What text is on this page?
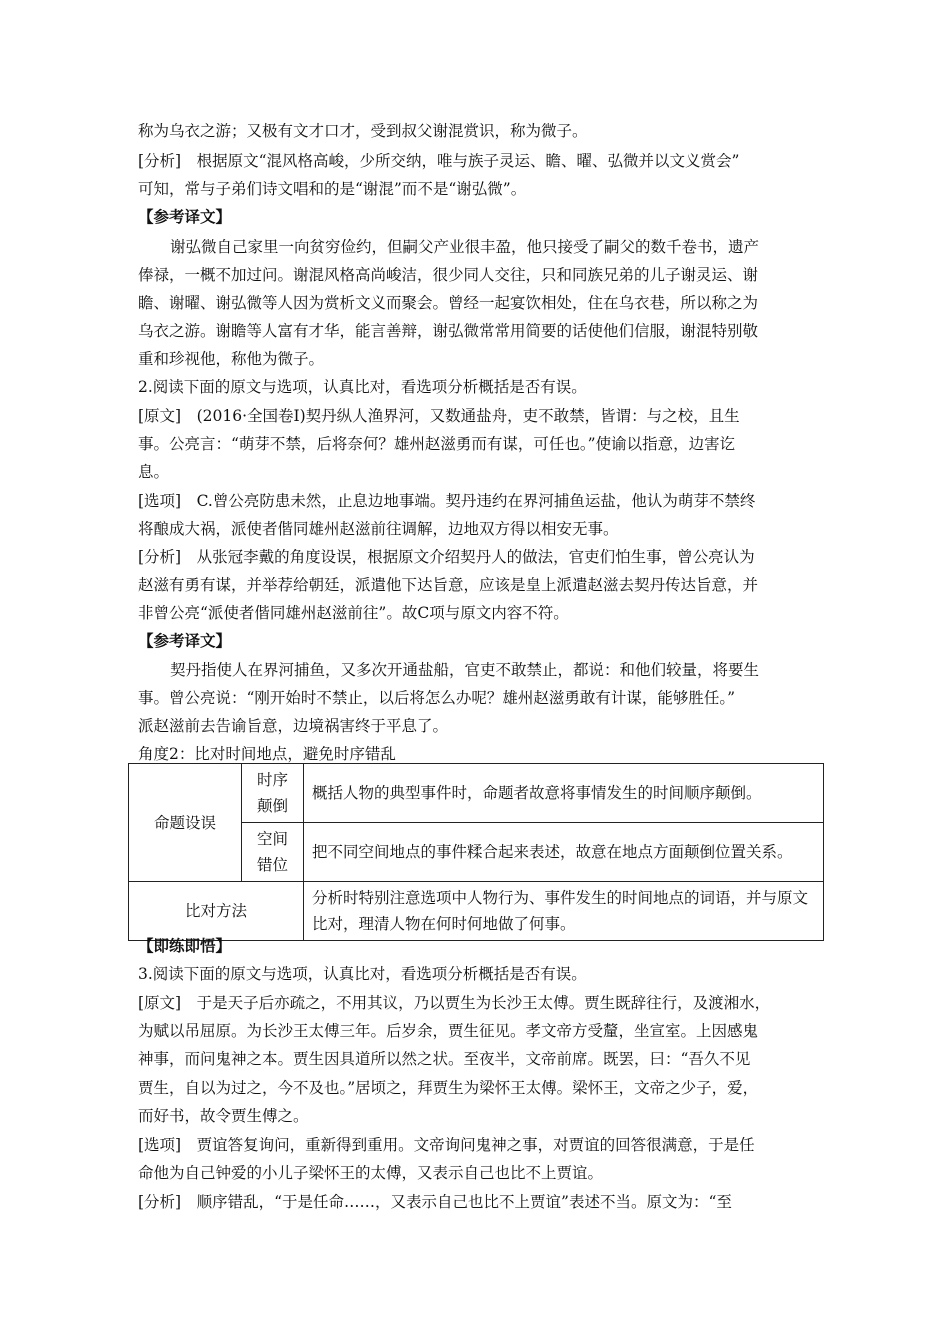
称为乌衣之游；又极有文才口才，受到叔父谢混赏识，称为微子。
[分析]　根据原文“混风格高峻，少所交纳，唯与族子灵运、瞻、曜、弘微并以文义赏会”
可知，常与子弟们诗文唱和的是“谢混”而不是“谢弘微”。
【参考译文】
谢弘微自己家里一向贫穷俭约，但嗣父产业很丰盈，他只接受了嗣父的数千卷书，遗产
俸禄，一概不加过问。谢混风格高尚峻洁，很少同人交往，只和同族兄弟的儿子谢灵运、谢
瞻、谢曜、谢弘微等人因为赏析文义而聚会。曾经一起宴饮相处，住在乌衣巷，所以称之为
乌衣之游。谢瞻等人富有才华，能言善辩，谢弘微常常用简要的话使他们信服，谢混特别敬
重和珍视他，称他为微子。
2.阅读下面的原文与选项，认真比对，看选项分析概括是否有误。
[原文]　(2016·全国卷Ⅰ)契丹纵人渔界河，又数通盐舟，吏不敢禁，皆谓：与之校，且生
事。公亮言：“萌芽不禁，后将奈何？雄州赵滋勇而有谋，可任也。”使谕以指意，边害讫
息。
[选项]　C.曾公亮防患未然，止息边地事端。契丹违约在界河捕鱼运盐，他认为萌芽不禁终
将酿成大祸，派使者偕同雄州赵滋前往调解，边地双方得以相安无事。
[分析]　从张冠李戴的角度设误，根据原文介绍契丹人的做法，官吏们怕生事，曾公亮认为
赵滋有勇有谋，并举荐给朝廷，派遣他下达旨意，应该是皇上派遣赵滋去契丹传达旨意，并
非曾公亮“派使者偕同雄州赵滋前往”。故C项与原文内容不符。
【参考译文】
契丹指使人在界河捕鱼，又多次开通盐船，官吏不敢禁止，都说：和他们较量，将要生
事。曾公亮说：“刚开始时不禁止，以后将怎么办呢？雄州赵滋勇敢有计谋，能够胜任。”
派赵滋前去告谕旨意，边境祸害终于平息了。
角度2：比对时间地点，避免时序错乱
命题设误	时序颠倒	概括人物的典型事件时，命题者故意将事情发生的时间顺序颠倒。
	空间错位	把不同空间地点的事件糅合起来表述，故意在地点方面颠倒位置关系。
比对方法		分析时特别注意选项中人物行为、事件发生的时间地点的词语，并与原文比对，理清人物在何时何地做了何事。
【即练即悟】
3.阅读下面的原文与选项，认真比对，看选项分析概括是否有误。
[原文]　于是天子后亦疏之，不用其议，乃以贾生为长沙王太傅。贾生既辞往行，及渡湘水，
为赋以吊屈原。为长沙王太傅三年。后岁余，贾生征见。孝文帝方受釐，坐宣室。上因感鬼
神事，而问鬼神之本。贾生因具道所以然之状。至夜半，文帝前席。既罢，曰：“吾久不见
贾生，自以为过之，今不及也。”居顷之，拜贾生为梁怀王太傅。梁怀王，文帝之少子，爱，
而好书，故令贾生傅之。
[选项]　贾谊答复询问，重新得到重用。文帝询问鬼神之事，对贾谊的回答很满意，于是任
命他为自己钟爱的小儿子梁怀王的太傅，又表示自己也比不上贾谊。
[分析]　顺序错乱，“于是任命……，又表示自己也比不上贾谊”表述不当。原文为：“至
